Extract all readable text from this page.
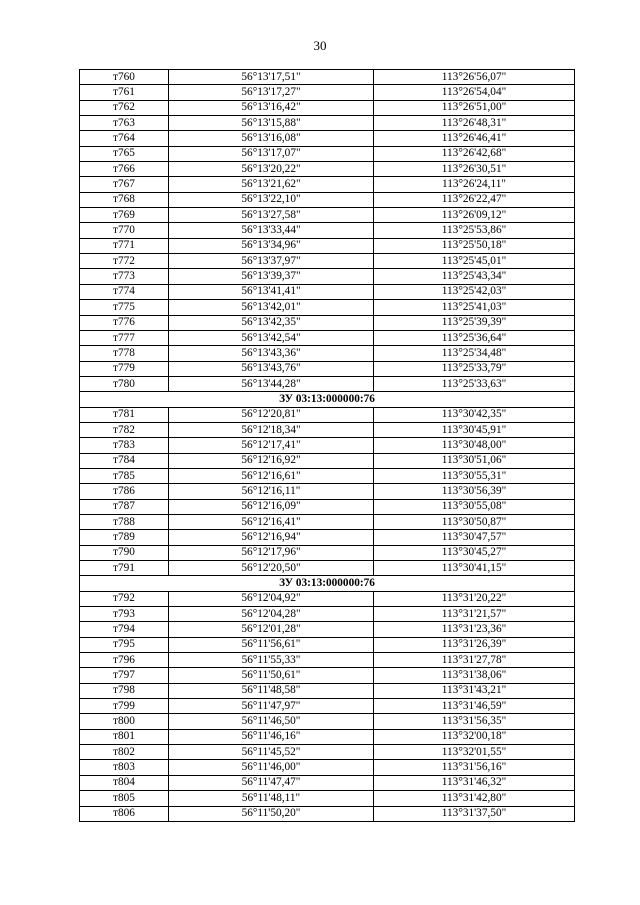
30
т760	56°13'17,51"	113°26'56,07"
т761	56°13'17,27"	113°26'54,04"
т762	56°13'16,42"	113°26'51,00"
т763	56°13'15,88"	113°26'48,31"
т764	56°13'16,08"	113°26'46,41"
т765	56°13'17,07"	113°26'42,68"
т766	56°13'20,22"	113°26'30,51"
т767	56°13'21,62"	113°26'24,11"
т768	56°13'22,10"	113°26'22,47"
т769	56°13'27,58"	113°26'09,12"
т770	56°13'33,44"	113°25'53,86"
т771	56°13'34,96"	113°25'50,18"
т772	56°13'37,97"	113°25'45,01"
т773	56°13'39,37"	113°25'43,34"
т774	56°13'41,41"	113°25'42,03"
т775	56°13'42,01"	113°25'41,03"
т776	56°13'42,35"	113°25'39,39"
т777	56°13'42,54"	113°25'36,64"
т778	56°13'43,36"	113°25'34,48"
т779	56°13'43,76"	113°25'33,79"
т780	56°13'44,28"	113°25'33,63"
ЗУ 03:13:000000:76		
т781	56°12'20,81"	113°30'42,35"
т782	56°12'18,34"	113°30'45,91"
т783	56°12'17,41"	113°30'48,00"
т784	56°12'16,92"	113°30'51,06"
т785	56°12'16,61"	113°30'55,31"
т786	56°12'16,11"	113°30'56,39"
т787	56°12'16,09"	113°30'55,08"
т788	56°12'16,41"	113°30'50,87"
т789	56°12'16,94"	113°30'47,57"
т790	56°12'17,96"	113°30'45,27"
т791	56°12'20,50"	113°30'41,15"
ЗУ 03:13:000000:76		
т792	56°12'04,92"	113°31'20,22"
т793	56°12'04,28"	113°31'21,57"
т794	56°12'01,28"	113°31'23,36"
т795	56°11'56,61"	113°31'26,39"
т796	56°11'55,33"	113°31'27,78"
т797	56°11'50,61"	113°31'38,06"
т798	56°11'48,58"	113°31'43,21"
т799	56°11'47,97"	113°31'46,59"
т800	56°11'46,50"	113°31'56,35"
т801	56°11'46,16"	113°32'00,18"
т802	56°11'45,52"	113°32'01,55"
т803	56°11'46,00"	113°31'56,16"
т804	56°11'47,47"	113°31'46,32"
т805	56°11'48,11"	113°31'42,80"
т806	56°11'50,20"	113°31'37,50"
